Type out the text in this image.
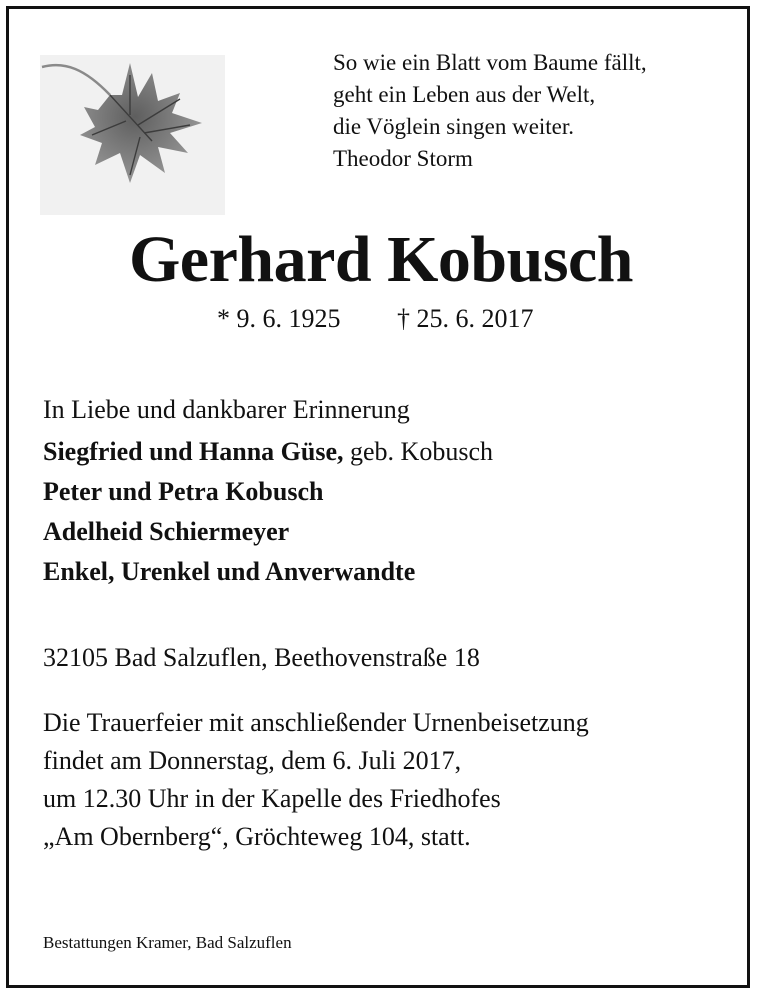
So wie ein Blatt vom Baume fällt,
geht ein Leben aus der Welt,
die Vöglein singen weiter.
Theodor Storm
Gerhard Kobusch
* 9. 6. 1925 † 25. 6. 2017
In Liebe und dankbarer Erinnerung
Siegfried und Hanna Güse, geb. Kobusch
Peter und Petra Kobusch
Adelheid Schiermeyer
Enkel, Urenkel und Anverwandte
32105 Bad Salzuflen, Beethovenstraße 18
Die Trauerfeier mit anschließender Urnenbeisetzung
findet am Donnerstag, dem 6. Juli 2017,
um 12.30 Uhr in der Kapelle des Friedhofes
„Am Obernberg“, Gröchteweg 104, statt.
Bestattungen Kramer, Bad Salzuflen
